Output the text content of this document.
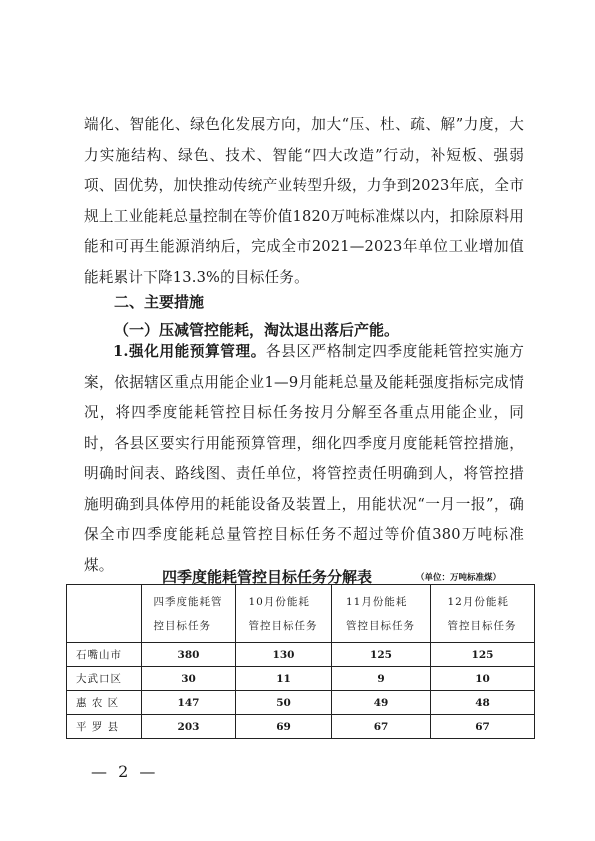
端化、智能化、绿色化发展方向，加大“压、杜、疏、解”力度，大力实施结构、绿色、技术、智能“四大改造”行动，补短板、强弱项、固优势，加快推动传统产业转型升级，力争到2023年底，全市规上工业能耗总量控制在等价值1820万吨标准煤以内，扣除原料用能和可再生能源消纳后，完成全市2021—2023年单位工业增加值能耗累计下降13.3%的目标任务。

二、主要措施

（一）压减管控能耗，淘汰退出落后产能。

1.强化用能预算管理。各县区严格制定四季度能耗管控实施方案，依据辖区重点用能企业1—9月能耗总量及能耗强度指标完成情况，将四季度能耗管控目标任务按月分解至各重点用能企业，同时，各县区要实行用能预算管理，细化四季度月度能耗管控措施，明确时间表、路线图、责任单位，将管控责任明确到人，将管控措施明确到具体停用的耗能设备及装置上，用能状况“一月一报”，确保全市四季度能耗总量管控目标任务不超过等价值380万吨标准煤。

四季度能耗管控目标任务分解表	（单位：万吨标准煤）
	四季度能耗管控目标任务	10月份能耗管控目标任务	11月份能耗管控目标任务	12月份能耗管控目标任务
石嘴山市	380	130	125	125
大武口区	30	11	9	10
惠 农 区	147	50	49	48
平 罗 县	203	69	67	67
— 2 —
